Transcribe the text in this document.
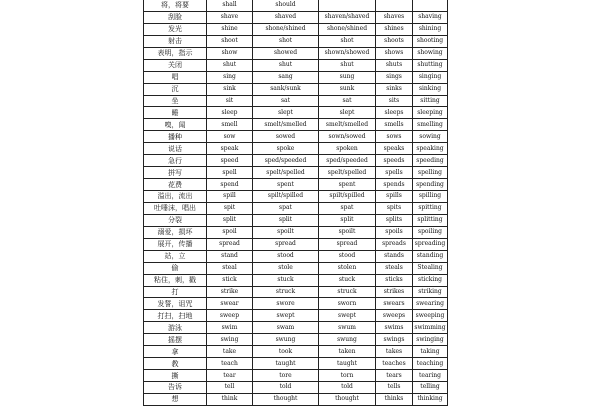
将，将要	shall	should			
刮脸	shave	shaved	shaven/shaved	shaves	shaving
发光	shine	shone/shined	shone/shined	shines	shining
射击	shoot	shot	shot	shoots	shooting
表明，指示	show	showed	shown/showed	shows	showing
关闭	shut	shut	shut	shuts	shutting
唱	sing	sang	sung	sings	singing
沉	sink	sank/sunk	sunk	sinks	sinking
坐	sit	sat	sat	sits	sitting
睡	sleep	slept	slept	sleeps	sleeping
嗅，闻	smell	smelt/smelled	smelt/smelled	smells	smelling
播种	sow	sowed	sown/sowed	sows	sowing
说话	speak	spoke	spoken	speaks	speaking
急行	speed	sped/speeded	sped/speeded	speeds	speeding
拼写	spell	spelt/spelled	spelt/spelled	spells	spelling
花费	spend	spent	spent	spends	spending
溢出，流出	spill	spilt/spilled	spilt/spilled	spills	spilling
吐唾沫，唱出	spit	spat	spat	spits	spitting
分裂	split	split	split	splits	splitting
溺爱，损坏	spoil	spoilt	spoilt	spoils	spoiling
展开，传播	spread	spread	spread	spreads	spreading
站，立	stand	stood	stood	stands	standing
偷	steal	stole	stolen	steals	Stealing
粘住，刺，戳	stick	stuck	stuck	sticks	sticking
打	strike	struck	struck	strikes	striking
发誓，诅咒	swear	swore	sworn	swears	swearing
打扫，扫地	sweep	swept	swept	sweeps	sweeping
游泳	swim	swam	swum	swims	swimming
摇摆	swing	swung	swung	swings	swinging
拿	take	took	taken	takes	taking
教	teach	taught	taught	teaches	teaching
撕	tear	tore	torn	tears	tearing
告诉	tell	told	told	tells	telling
想	think	thought	thought	thinks	thinking
